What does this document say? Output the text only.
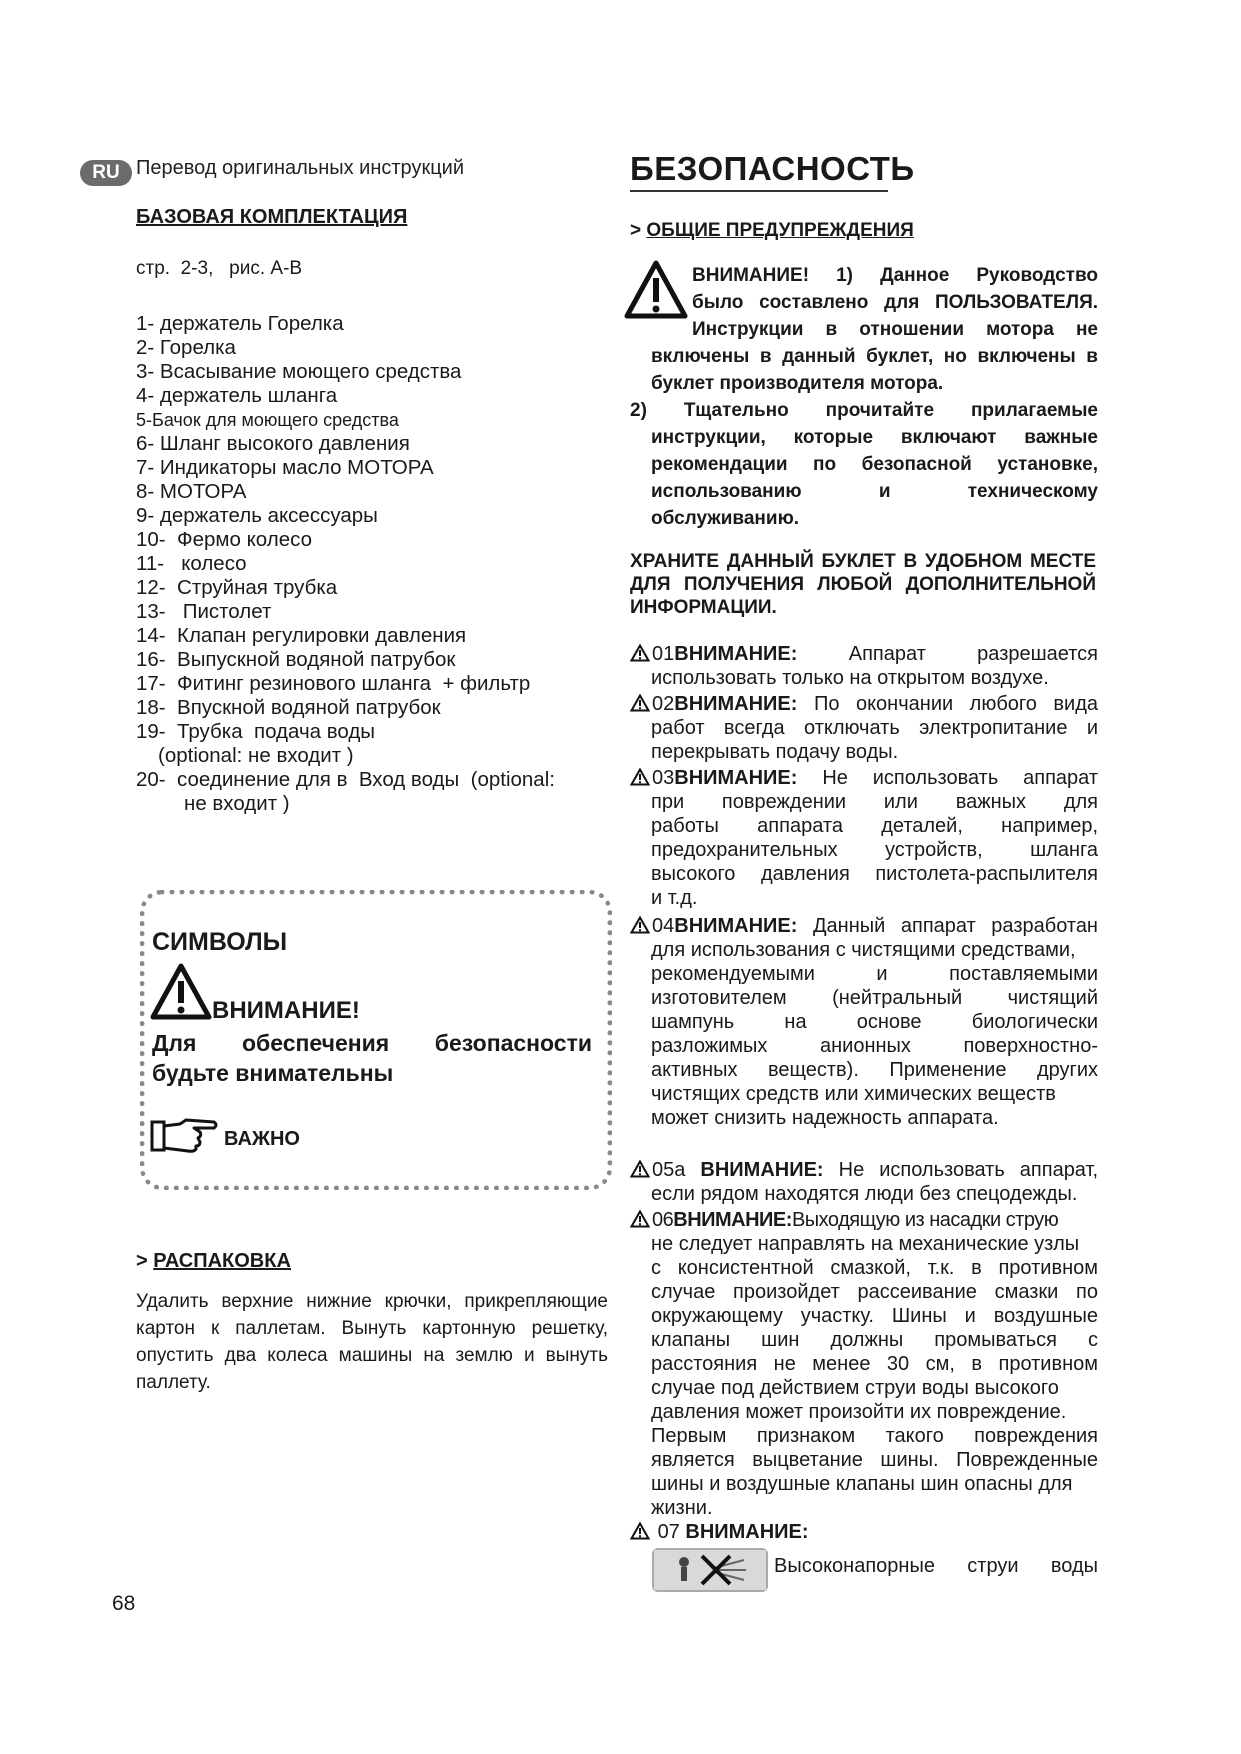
RU Перевод оригинальных инструкций
БАЗОВАЯ КОМПЛЕКТАЦИЯ
стр.  2-3,   рис. A-B
1- держатель Горелка
2- Горелка
3- Всасывание моющего средства
4- держатель шланга
5-Бачок для моющего средства
6- Шланг высокого давления
7- Индикаторы масло МОТОРА
8- МОТОРА
9- держатель аксессуары
10-  Фермо колесо
11-   колесо
12-  Струйная трубка
13-   Пистолет
14-  Клапан регулировки давления
16-  Выпускной водяной патрубок
17-  Фитинг резинового шланга  + фильтр
18-  Впускной водяной патрубок
19-  Трубка  подача воды
(optional: не входит )
20-  соединение для в  Вход воды  (optional:
не входит )
СИМВОЛЫ
ВНИМАНИЕ!
Для обеспечения безопасности
будьте внимательны
ВАЖНО
> РАСПАКОВКА
Удалить верхние нижние крючки, прикрепляющие картон к паллетам. Вынуть картонную решетку, опустить два колеса машины на землю и вынуть паллету.
68
БЕЗОПАСНОСТЬ
> ОБЩИЕ ПРЕДУПРЕЖДЕНИЯ
ВНИМАНИЕ! 1) Данное Руководство
было составлено для ПОЛЬЗОВАТЕЛЯ.
Инструкции в отношении мотора не
включены в данный буклет, но включены в
буклет производителя мотора.
2) Тщательно прочитайте прилагаемые
инструкции, которые включают важные
рекомендации по безопасной установке,
использованию и техническому
обслуживанию.
ХРАНИТЕ ДАННЫЙ БУКЛЕТ В УДОБНОМ МЕСТЕ ДЛЯ ПОЛУЧЕНИЯ ЛЮБОЙ ДОПОЛНИТЕЛЬНОЙ ИНФОРМАЦИИ.
01ВНИМАНИЕ:	Аппарат разрешается
использовать только на открытом воздухе.
02ВНИМАНИЕ: По окончании любого вида
работ всегда отключать электропитание и
перекрывать подачу воды.
03ВНИМАНИЕ: Не использовать аппарат
при повреждении или важных для
работы аппарата деталей, например,
предохранительных устройств, шланга
высокого давления пистолета-распылителя
и т.д.
04ВНИМАНИЕ: Данный аппарат разработан
для использования с чистящими средствами,
рекомендуемыми и поставляемыми
изготовителем (нейтральный чистящий
шампунь на основе биологически
разложимых анионных поверхностно-
активных веществ). Применение других
чистящих средств или химических веществ
может снизить надежность аппарата.
05a ВНИМАНИЕ: Не использовать аппарат,
если рядом находятся люди без спецодежды.
06ВНИМАНИЕ:Выходящую из насадки струю
не следует направлять на механические узлы
с консистентной смазкой, т.к. в противном
случае произойдет рассеивание смазки по
окружающему участку. Шины и воздушные
клапаны шин должны промываться с
расстояния не менее 30 см, в противном
случае под действием струи воды высокого
давления может произойти их повреждение.
Первым признаком такого повреждения
является выцветание шины. Поврежденные
шины и воздушные клапаны шин опасны для
жизни.
07 ВНИМАНИЕ:
Высоконапорные струи воды
